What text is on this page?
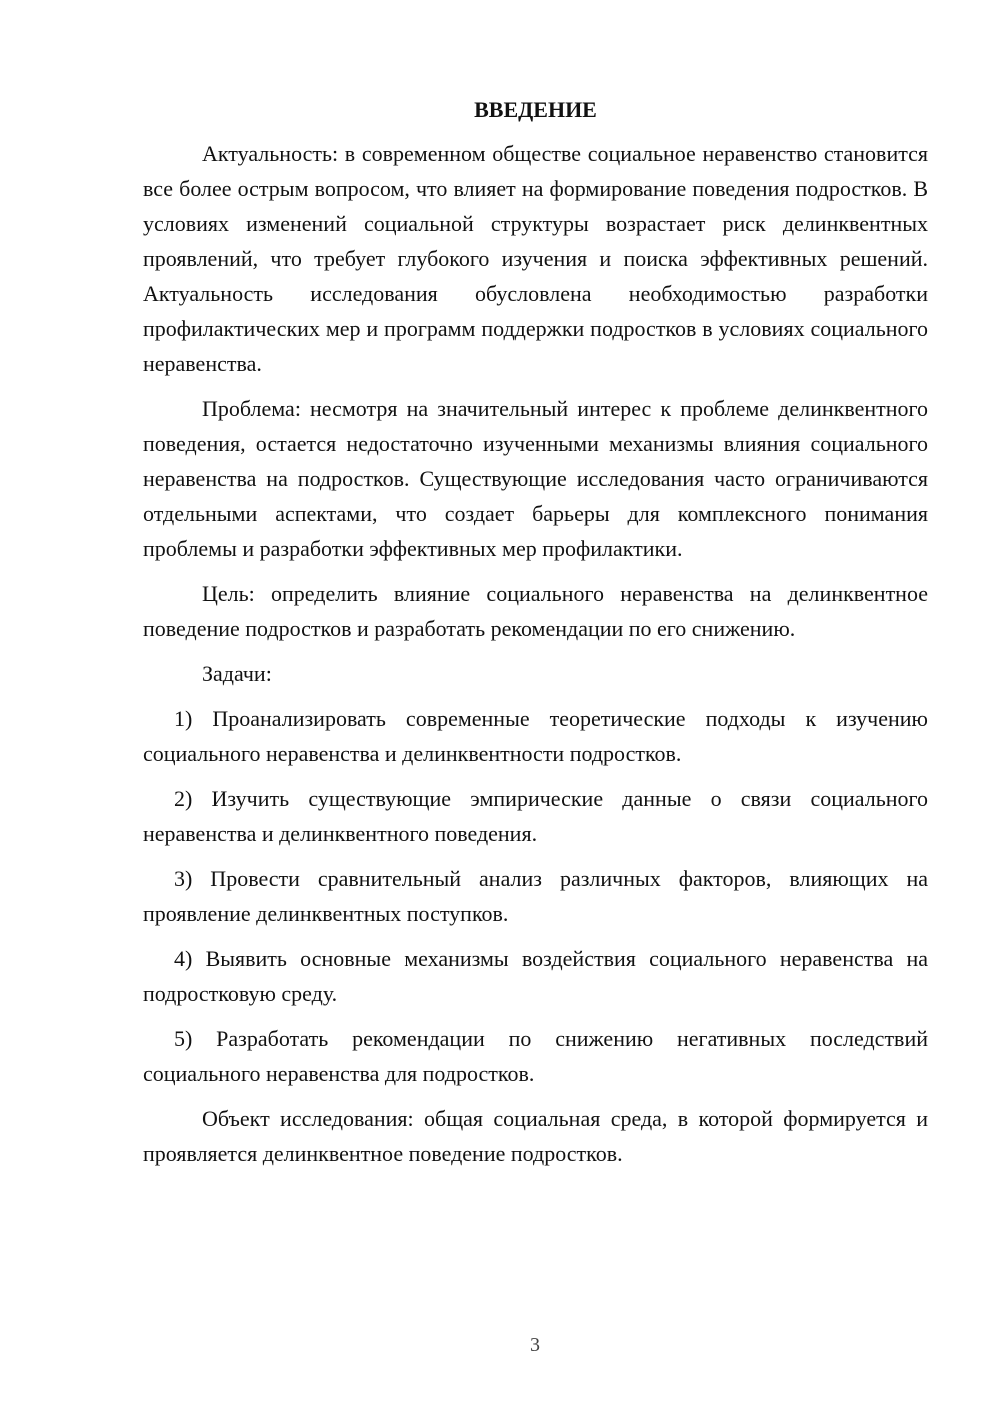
ВВЕДЕНИЕ
Актуальность: в современном обществе социальное неравенство становится все более острым вопросом, что влияет на формирование поведения подростков. В условиях изменений социальной структуры возрастает риск делинквентных проявлений, что требует глубокого изучения и поиска эффективных решений. Актуальность исследования обусловлена необходимостью разработки профилактических мер и программ поддержки подростков в условиях социального неравенства.
Проблема: несмотря на значительный интерес к проблеме делинквентного поведения, остается недостаточно изученными механизмы влияния социального неравенства на подростков. Существующие исследования часто ограничиваются отдельными аспектами, что создает барьеры для комплексного понимания проблемы и разработки эффективных мер профилактики.
Цель: определить влияние социального неравенства на делинквентное поведение подростков и разработать рекомендации по его снижению.
Задачи:
1) Проанализировать современные теоретические подходы к изучению социального неравенства и делинквентности подростков.
2) Изучить существующие эмпирические данные о связи социального неравенства и делинквентного поведения.
3) Провести сравнительный анализ различных факторов, влияющих на проявление делинквентных поступков.
4) Выявить основные механизмы воздействия социального неравенства на подростковую среду.
5) Разработать рекомендации по снижению негативных последствий социального неравенства для подростков.
Объект исследования: общая социальная среда, в которой формируется и проявляется делинквентное поведение подростков.
3
